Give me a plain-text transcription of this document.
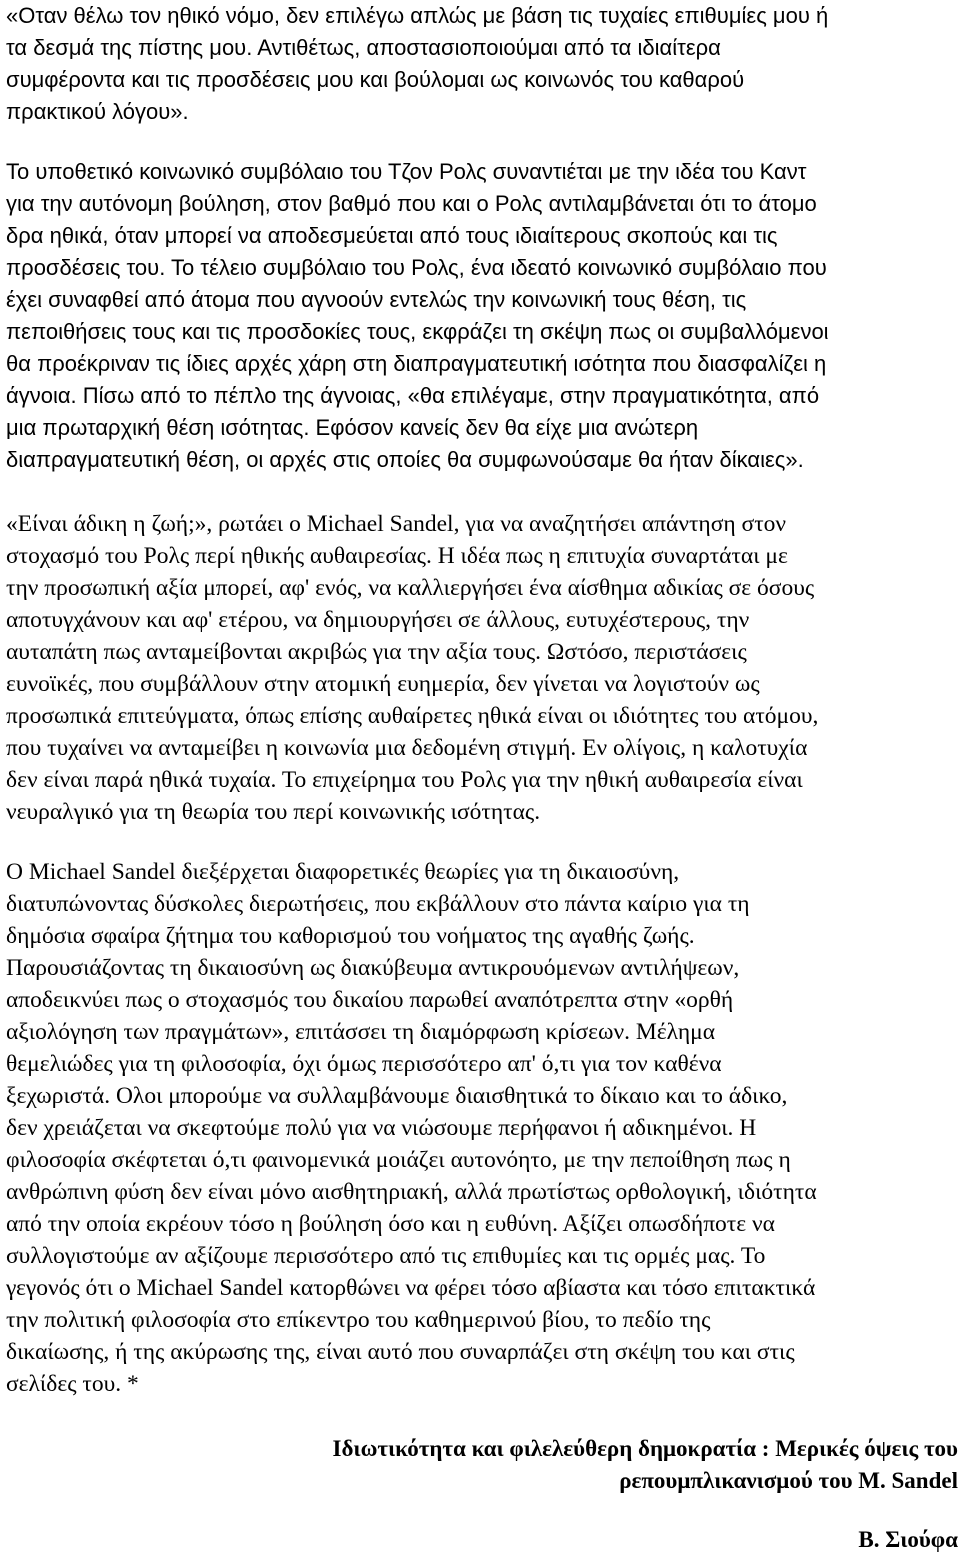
«Οταν θέλω τον ηθικό νόμο, δεν επιλέγω απλώς με βάση τις τυχαίες επιθυμίες μου ή
τα δεσμά της πίστης μου. Αντιθέτως, αποστασιοποιούμαι από τα ιδιαίτερα
συμφέροντα και τις προσδέσεις μου και βούλομαι ως κοινωνός του καθαρού
πρακτικού λόγου».
Το υποθετικό κοινωνικό συμβόλαιο του Τζον Ρολς συναντιέται με την ιδέα του Καντ
για την αυτόνομη βούληση, στον βαθμό που και ο Ρολς αντιλαμβάνεται ότι το άτομο
δρα ηθικά, όταν μπορεί να αποδεσμεύεται από τους ιδιαίτερους σκοπούς και τις
προσδέσεις του. Το τέλειο συμβόλαιο του Ρολς, ένα ιδεατό κοινωνικό συμβόλαιο που
έχει συναφθεί από άτομα που αγνοούν εντελώς την κοινωνική τους θέση, τις
πεποιθήσεις τους και τις προσδοκίες τους, εκφράζει τη σκέψη πως οι συμβαλλόμενοι
θα προέκριναν τις ίδιες αρχές χάρη στη διαπραγματευτική ισότητα που διασφαλίζει η
άγνοια. Πίσω από το πέπλο της άγνοιας, «θα επιλέγαμε, στην πραγματικότητα, από
μια πρωταρχική θέση ισότητας. Εφόσον κανείς δεν θα είχε μια ανώτερη
διαπραγματευτική θέση, οι αρχές στις οποίες θα συμφωνούσαμε θα ήταν δίκαιες».
«Είναι άδικη η ζωή;», ρωτάει ο Michael Sandel, για να αναζητήσει απάντηση στον
στοχασμό του Ρολς περί ηθικής αυθαιρεσίας. Η ιδέα πως η επιτυχία συναρτάται με
την προσωπική αξία μπορεί, αφ' ενός, να καλλιεργήσει ένα αίσθημα αδικίας σε όσους
αποτυγχάνουν και αφ' ετέρου, να δημιουργήσει σε άλλους, ευτυχέστερους, την
αυταπάτη πως ανταμείβονται ακριβώς για την αξία τους. Ωστόσο, περιστάσεις
ευνοϊκές, που συμβάλλουν στην ατομική ευημερία, δεν γίνεται να λογιστούν ως
προσωπικά επιτεύγματα, όπως επίσης αυθαίρετες ηθικά είναι οι ιδιότητες του ατόμου,
που τυχαίνει να ανταμείβει η κοινωνία μια δεδομένη στιγμή. Εν ολίγοις, η καλοτυχία
δεν είναι παρά ηθικά τυχαία. Το επιχείρημα του Ρολς για την ηθική αυθαιρεσία είναι
νευραλγικό για τη θεωρία του περί κοινωνικής ισότητας.
Ο Michael Sandel διεξέρχεται διαφορετικές θεωρίες για τη δικαιοσύνη,
διατυπώνοντας δύσκολες διερωτήσεις, που εκβάλλουν στο πάντα καίριο για τη
δημόσια σφαίρα ζήτημα του καθορισμού του νοήματος της αγαθής ζωής.
Παρουσιάζοντας τη δικαιοσύνη ως διακύβευμα αντικρουόμενων αντιλήψεων,
αποδεικνύει πως ο στοχασμός του δικαίου παρωθεί αναπότρεπτα στην «ορθή
αξιολόγηση των πραγμάτων», επιτάσσει τη διαμόρφωση κρίσεων. Μέλημα
θεμελιώδες για τη φιλοσοφία, όχι όμως περισσότερο απ' ό,τι για τον καθένα
ξεχωριστά. Ολοι μπορούμε να συλλαμβάνουμε διαισθητικά το δίκαιο και το άδικο,
δεν χρειάζεται να σκεφτούμε πολύ για να νιώσουμε περήφανοι ή αδικημένοι. Η
φιλοσοφία σκέφτεται ό,τι φαινομενικά μοιάζει αυτονόητο, με την πεποίθηση πως η
ανθρώπινη φύση δεν είναι μόνο αισθητηριακή, αλλά πρωτίστως ορθολογική, ιδιότητα
από την οποία εκρέουν τόσο η βούληση όσο και η ευθύνη. Αξίζει οπωσδήποτε να
συλλογιστούμε αν αξίζουμε περισσότερο από τις επιθυμίες και τις ορμές μας. Το
γεγονός ότι ο Michael Sandel κατορθώνει να φέρει τόσο αβίαστα και τόσο επιτακτικά
την πολιτική φιλοσοφία στο επίκεντρο του καθημερινού βίου, το πεδίο της
δικαίωσης, ή της ακύρωσης της, είναι αυτό που συναρπάζει στη σκέψη του και στις
σελίδες του. *
Ιδιωτικότητα και φιλελεύθερη δημοκρατία : Μερικές όψεις του
ρεπουμπλικανισμού του M. Sandel
Β. Σιούφα
